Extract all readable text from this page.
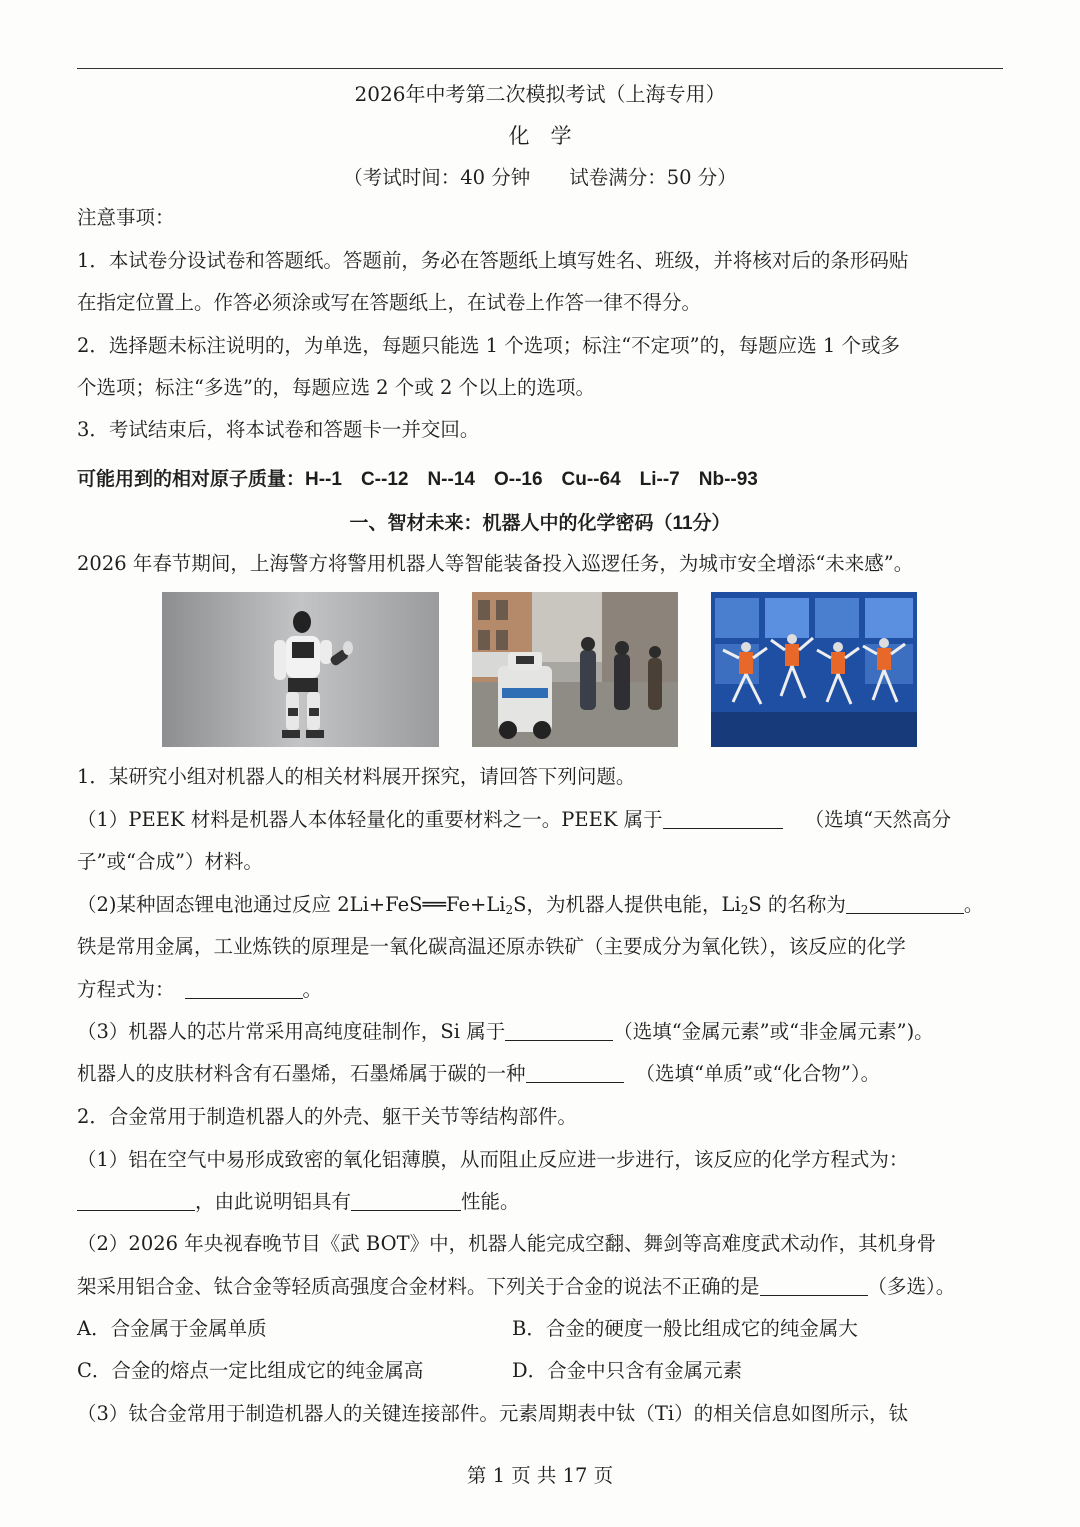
2026年中考第二次模拟考试（上海专用）
化　学
（考试时间：40 分钟　　试卷满分：50 分）
注意事项：
1．本试卷分设试卷和答题纸。答题前，务必在答题纸上填写姓名、班级，并将核对后的条形码贴
在指定位置上。作答必须涂或写在答题纸上，在试卷上作答一律不得分。
2．选择题未标注说明的，为单选，每题只能选 1 个选项；标注“不定项”的，每题应选 1 个或多
个选项；标注“多选”的，每题应选 2 个或 2 个以上的选项。
3．考试结束后，将本试卷和答题卡一并交回。
可能用到的相对原子质量：H--1　C--12　N--14　O--16　Cu--64　Li--7　Nb--93
一、智材未来：机器人中的化学密码（11分）
2026 年春节期间，上海警方将警用机器人等智能装备投入巡逻任务，为城市安全增添“未来感”。
1．某研究小组对机器人的相关材料展开探究，请回答下列问题。
（1）PEEK 材料是机器人本体轻量化的重要材料之一。PEEK 属于	（选填“天然高分
子”或“合成”）材料。
（2)某种固态锂电池通过反应 $2Li+FeS══Fe+Li_2S$，为机器人提供电能，$Li_2S$ 的名称为	。
铁是常用金属，工业炼铁的原理是一氧化碳高温还原赤铁矿（主要成分为氧化铁），该反应的化学
方程式为：	。
（3）机器人的芯片常采用高纯度硅制作，Si 属于	（选填“金属元素”或“非金属元素”)。
机器人的皮肤材料含有石墨烯，石墨烯属于碳的一种	（选填“单质”或“化合物”）。
2．合金常用于制造机器人的外壳、躯干关节等结构部件。
（1）铝在空气中易形成致密的氧化铝薄膜，从而阻止反应进一步进行，该反应的化学方程式为：
，由此说明铝具有	性能。
（2）2026 年央视春晚节目《武 BOT》中，机器人能完成空翻、舞剑等高难度武术动作，其机身骨
架采用铝合金、钛合金等轻质高强度合金材料。下列关于合金的说法不正确的是	（多选）。
A．合金属于金属单质	B．合金的硬度一般比组成它的纯金属大
C．合金的熔点一定比组成它的纯金属高	D．合金中只含有金属元素
（3）钛合金常用于制造机器人的关键连接部件。元素周期表中钛（Ti）的相关信息如图所示，钛
第 1 页 共 17 页
